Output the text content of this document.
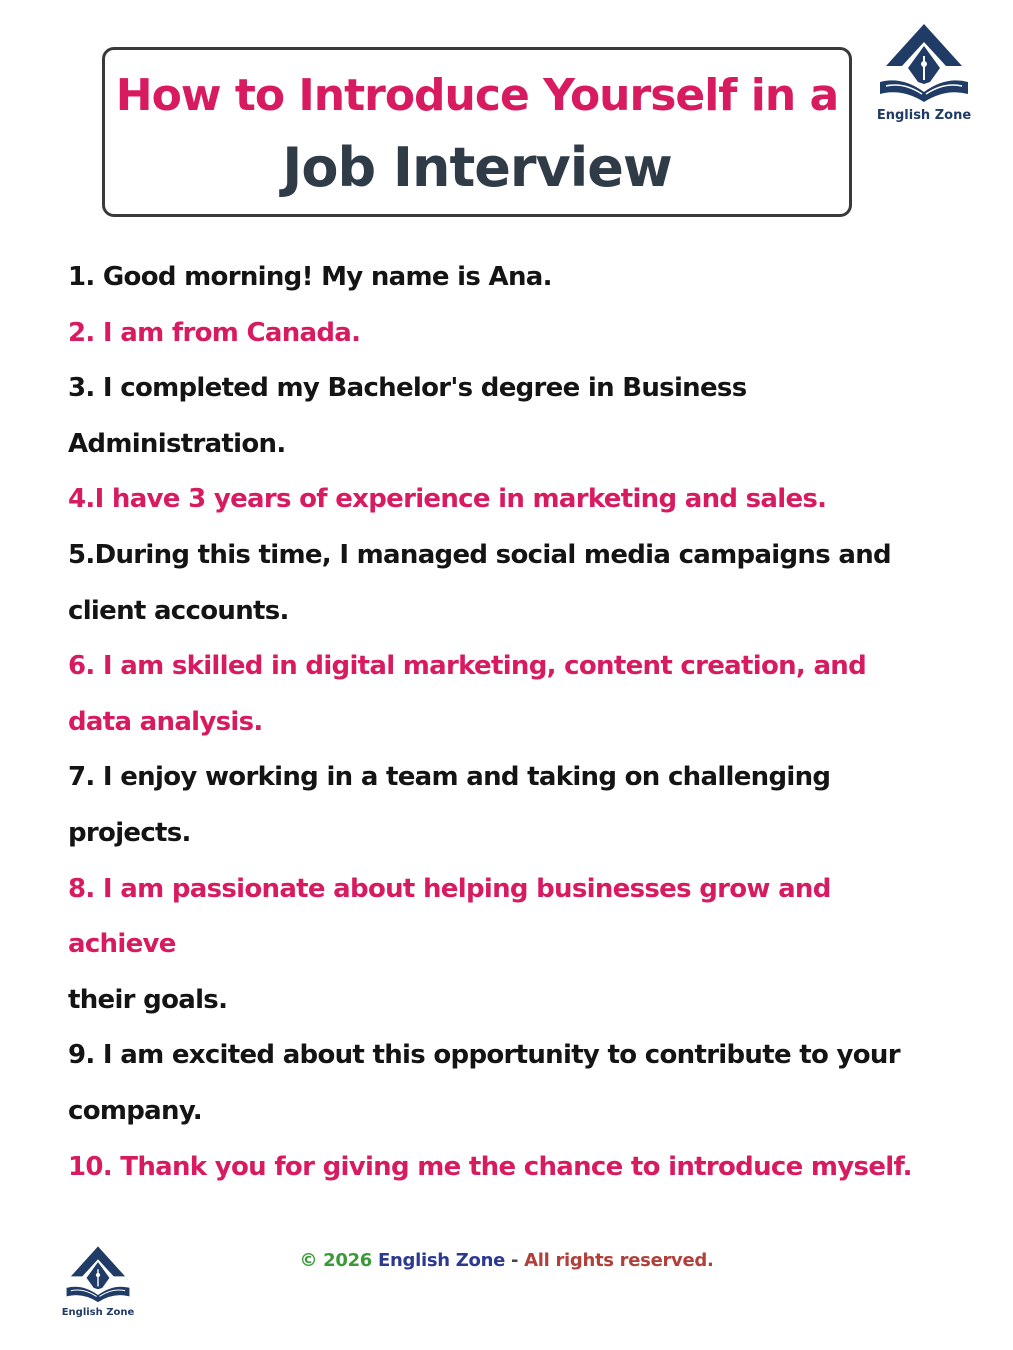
How to Introduce Yourself in a
Job Interview
English Zone
1. Good morning! My name is Ana.
2. I am from Canada.
3. I completed my Bachelor's degree in Business
Administration.
4.I have 3 years of experience in marketing and sales.
5.During this time, I managed social media campaigns and
client accounts.
6. I am skilled in digital marketing, content creation, and
data analysis.
7. I enjoy working in a team and taking on challenging
projects.
8. I am passionate about helping businesses grow and
achieve
their goals.
9. I am excited about this opportunity to contribute to your
company.
10. Thank you for giving me the chance to introduce myself.
English Zone
© 2026 English Zone - All rights reserved.
